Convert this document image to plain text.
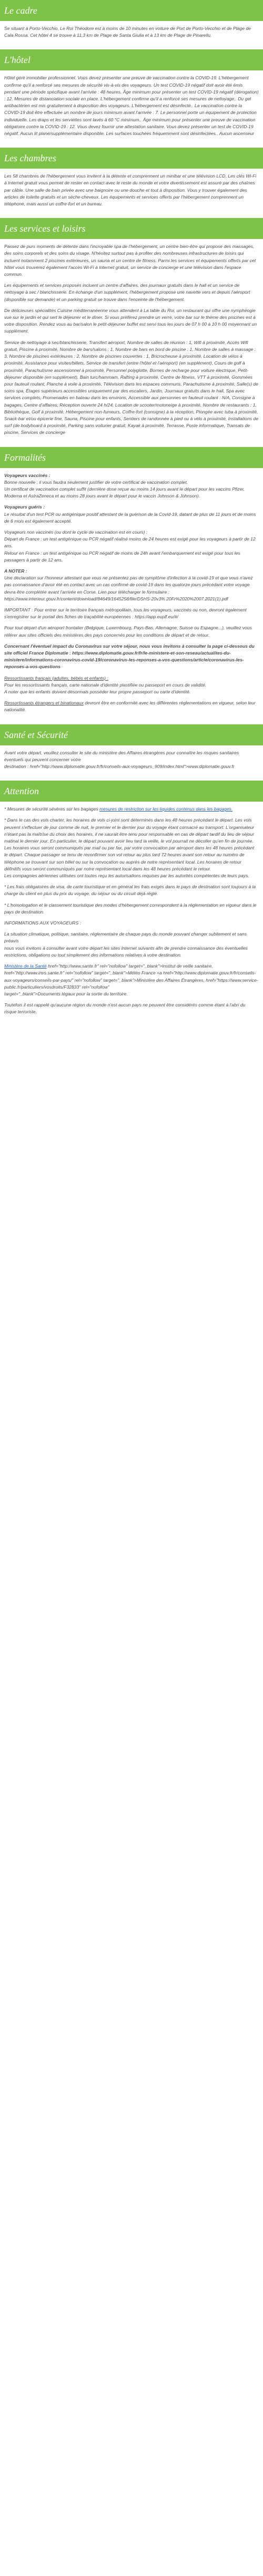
Le cadre

Se situant à Porto-Vecchio, Le Roi Théodore est à moins de 10 minutes en voiture de Port de Porto-Vecchio et de Plage de Cala Rossa. Cet hôtel 4 se trouve à 11,3 km de Plage de Santa Giulia et à 13 km de Plage de Pinarellu.

L'hôtel

Hôtel géré immobilier professionnel. Vous devez présenter une preuve de vaccination contre la COVID-19. L'hébergement confirme qu'il a renforcé ses mesures de sécurité vis-à-vis des voyageurs. Un test COVID-19 négatif doit avoir été émis pendant une période spécifique avant l'arrivée : 48 heures. Âge minimum pour présenter un test COVID-19 négatif (dérogation) : 12. Mesures de distanciation sociale en place. L'hébergement confirme qu'il a renforcé ses mesures de nettoyage.. Du gel antibactérien est mis gratuitement à disposition des voyageurs. L'hébergement est désinfecté.. La vaccination contre la COVID-19 doit être effectuée un nombre de jours minimum avant l'arrivée : 7. Le personnel porte un équipement de protection individuelle. Les draps et les serviettes sont lavés à 60 °C minimum.. Âge minimum pour présenter une preuve de vaccination obligatoire contre la COVID-19 : 12. Vous devez fournir une attestation sanitaire. Vous devez présenter un test de COVID-19 négatif. Aucun lit plané/supplémentaire disponible. Les surfaces touchées fréquemment sont désinfectées.. Aucun ascenseur

Les chambres

Les 58 chambres de l'hébergement vous invitent à la détente et comprennent un minibar et une télévision LCD. Les clés Wi-Fi à Internet gratuit vous permet de rester en contact avec le reste du monde et votre divertissement est assuré par des chaînes par câble. Une salle de bain privée avec une baignoire ou une douche et tout à disposition. Vous y trouver également des articles de toilette gratuits et un sèche-cheveux. Les équipements et services offerts par l'hébergement comprennent un téléphone, mais aussi un coffre-fort et un bureau.

Les services et loisirs

Passez de purs moments de détente dans l'incroyable spa de l'hébergement, un centre bien-être qui propose des massages, des soins corporels et des soins du visage. N'hésitez surtout pas à profiter des nombreuses infrastructures de loisirs qui incluent notamment 2 piscines extérieures, un sauna et un centre de fitness. Parmi les services et équipements offerts par cet hôtel vous trouverez également l'accès Wi-Fi à Internet gratuit, un service de concierge et une télévision dans l'espace commun.

Les équipements et services proposés incluent un centre d'affaires, des journaux gratuits dans le hall et un service de nettoyage à sec / blanchisserie. En échange d'un supplément, l'hébergement propose une navette vers et depuis l'aéroport (disponible sur demande) et un parking gratuit se trouve dans l'enceinte de l'hébergement.

De délicieuses spécialités Cuisine méditerranéenne vous attendent à La table du Roi, un restaurant qui offre une nymphéogie vue sur le jardin et qui sert le déjeuner et le dîner. Si vous préférez prendre un verre, votre bar sur le thème des piscines est à votre disposition. Rendez vous au bar/salon le petit-déjeuner buffet est servi tous les jours de 07 h 00 à 10 h 00 moyennant un supplément.

Service de nettoyage à sec/blanchisserie, Transfert aéroport, Nombre de salles de réunion : 1, Wifi à proximité, Accès Wifi gratuit, Piscine à proximité, Nombre de bars/salons : 1, Nombre de bars en bord de piscine : 1, Nombre de salles à massage : 3, Nombre de piscines extérieures : 2, Nombre de piscines couvertes : 1, Bricrocheuse à proximité, Location de vélos à proximité, Assistance pour visites/billets, Service de transfert (entre l'hôtel et l'aéroport) (en supplément), Cours de golf à proximité, Parachutisme ascensionnel à proximité, Personnel polyglotte, Bornes de recharge pour voiture électrique, Petit-déjeuner disponible (en supplément), Bain turc/hammam, Rafting à proximité, Centre de fitness, VTT à proximité, Gommées pour fauteuil roulant, Planche à voile à proximité, Télévision dans les espaces communs, Parachutisme à proximité, Salle(s) de soins spa, Étages supérieurs accessibles uniquement par des escaliers, Jardin, Journaux gratuits dans le hall, Spa avec services complets, Promenades en bateau dans les environs, Accessible aux personnes en fauteuil roulant : N/A, Consigne à bagages, Centre d'affaires, Réception ouverte 24 h/24, Location de scooter/motoneige à proximité, Nombre de restaurants : 1, Bibliothèque, Golf à proximité, Hébergement non-fumeurs, Coffre-fort (consigne) à la réception, Plongée avec tuba à proximité, Snack-bar et/ou épicerie fine, Sauna, Piscine pour enfants, Sentiers de randonnée à pied ou à vélo à proximité, Installations de surf (de bodyboard à proximité, Parking sans voiturier gratuit, Kayak à proximité, Terrasse, Poste informatique, Transats de piscine, Services de concierge

Formalités

Voyageurs vaccinés :

Bonne nouvelle : il vous faudra seulement justifier de votre certificat de vaccination complet.
Un certificat de vaccination complet suffit (dernière dose reçue au moins 14 jours avant le départ pour les vaccins Pfizer, Moderna et AstraZeneca et au moins 28 jours avant le départ pour le vaccin Johnson & Johnson).

Voyageurs guéris :

Le résultat d'un test PCR ou antigénique positif attestant de la guérison de la Covid-19, datant de plus de 11 jours et de moins de 6 mois est également accepté.

Voyageurs non vaccinés (ou dont le cycle de vaccination est en cours) :
Départ de France : un test antigénique ou PCR négatif réalisé moins de 24 heures est exigé pour les voyageurs à partir de 12 ans.
Retour en France : un test antigénique ou PCR négatif de moins de 24h avant l'embarquement est exigé pour tous les passagers à partir de 12 ans.

A NOTER :

Une déclaration sur l'honneur attestant que vous ne présentez pas de symptôme d'infection à la covid-19 et que vous n'avez pas connaissance d'avoir été en contact avec un cas confirmé de covid-19 dans les quatorze jours précédant votre voyage devra être complétée avant l'arrivée en Corse. Lien pour télécharger le formulaire :
https://www.interieur.gouv.fr/content/download/84649/1645258/file/DSHS-20v3% 20Fr%2020%2007.2021(1).pdf

IMPORTANT : Pour entrer sur le territoire français métropolitain, tous les voyageurs, vaccinés ou non, devront également s'enregistrer sur le portail des fiches de traçabilité européennes : https://app.euplf.eu/#/

Pour tout départ d'un aéroport frontalier (Belgique, Luxembourg, Pays-Bas, Allemagne, Suisse ou Espagne...), veuillez vous référer aux sites officiels des ministères des pays concernés pour les conditions de départ et de retour.

Concernant l'éventuel impact du Coronavirus sur votre séjour, nous vous invitons à consulter la page ci-dessous du site officiel France Diplomatie : https://www.diplomatie.gouv.fr/fr/le-ministere-et-son-reseau/actualites-du-ministere/informations-coronavirus-covid-19/coronavirus-les-reponses-a-vos-questions/article/coronavirus-les-reponses-a-vos-questions

Ressortissants français (adultes, bébés et enfants) :

Pour les ressortissants français, carte nationale d'identité plastifiée ou passeport en cours de validité.
A noter que les enfants doivent désormais posséder leur propre passeport ou carte d'identité.

Ressortissants étrangers et binationaux devront être en conformité avec les différentes réglementations en vigueur, selon leur nationalité.

Santé et Sécurité

Avant votre départ, veuillez consulter le site du ministère des Affaires étrangères pour connaître les risques sanitaires éventuels qui peuvent concerner votre
destination : href="http://www.diplomatie.gouv.fr/fr/conseils-aux-voyageurs_909/index.html">www.diplomatie.gouv.fr

Attention

* Mesures de sécurité sévères sur les bagages mesures de restriction sur les liquides contenus dans les bagages.

* Dans le cas des vols charter, les horaires de vols ci-joint sont déterminés dans les 48 heures précédant le départ. Les vols peuvent s'effectuer de jour comme de nuit, le premier et le dernier jour du voyage étant consacré au transport. L'organisateur n'étant pas la maîtrise du choix des horaires, il ne saurait être tenu pour responsable en cas de départ tardif du lieu de séjour matinal le dernier jour. En particulier, le départ pouvant avoir lieu tard la veille, le vol pourrait ne décoller qu'en fin de journée. Les horaires vous seront communiqués par mail ou par fax, par votre convocation par aéroport dans les 48 heures précédant le départ. Chaque passager se tenu de reconfirmer son vol retour au plus tard 72 heures avant son retour au numéro de téléphone se trouvant sur son billet ou sur la convocation ou auprès de notre représentant local. Les horaires de retour définitifs vous seront communiqués par notre représentant local dans les 48 heures précédant le retour.
Les compagnies aériennes utilisées ont toutes reçu les autorisations requises par les autorités compétentes de leurs pays.

* Les frais obligatoires de visa, de carte touristique et en général les frais exigés dans le pays de destination sont toujours à la charge du client en plus du prix du voyage, du séjour ou du circuit déjà réglé.

* L'homologation et le classement touristique des modes d'hébergement correspondent à la réglementation en vigueur dans le pays de destination.

INFORMATIONS AUX VOYAGEURS :

La situation climatique, politique, sanitaire, réglementaire de chaque pays du monde pouvant changer subitement et sans préavis
nous vous invitons à consulter avant votre départ les sites Internet suivants afin de prendre connaissance des éventuelles restrictions, obligations ou tout simplement des informations relatives à votre destination.

Ministère de la Santé href="http://www.sante.fr" rel="nofollow" target="_blank">Institut de veille sanitaire,
href="http://www.invs.sante.fr" rel="nofollow" target="_blank">Météo France <a href="http://www.diplomatie.gouv.fr/fr/conseils-aux-voyageurs/conseils-par-pays/" rel="nofollow" target="_blank">Ministère des Affaires Étrangères, href="https://www.service-public.fr/particuliers/vosdroits/F32833" rel="nofollow"
target="_blank">Documents légaux pour la sortie du territoire.

Toutefois il est rappelé qu'aucune région du monde n'est aucun pays ne peuvent être considérés comme étant à l'abri du risque terroriste.
